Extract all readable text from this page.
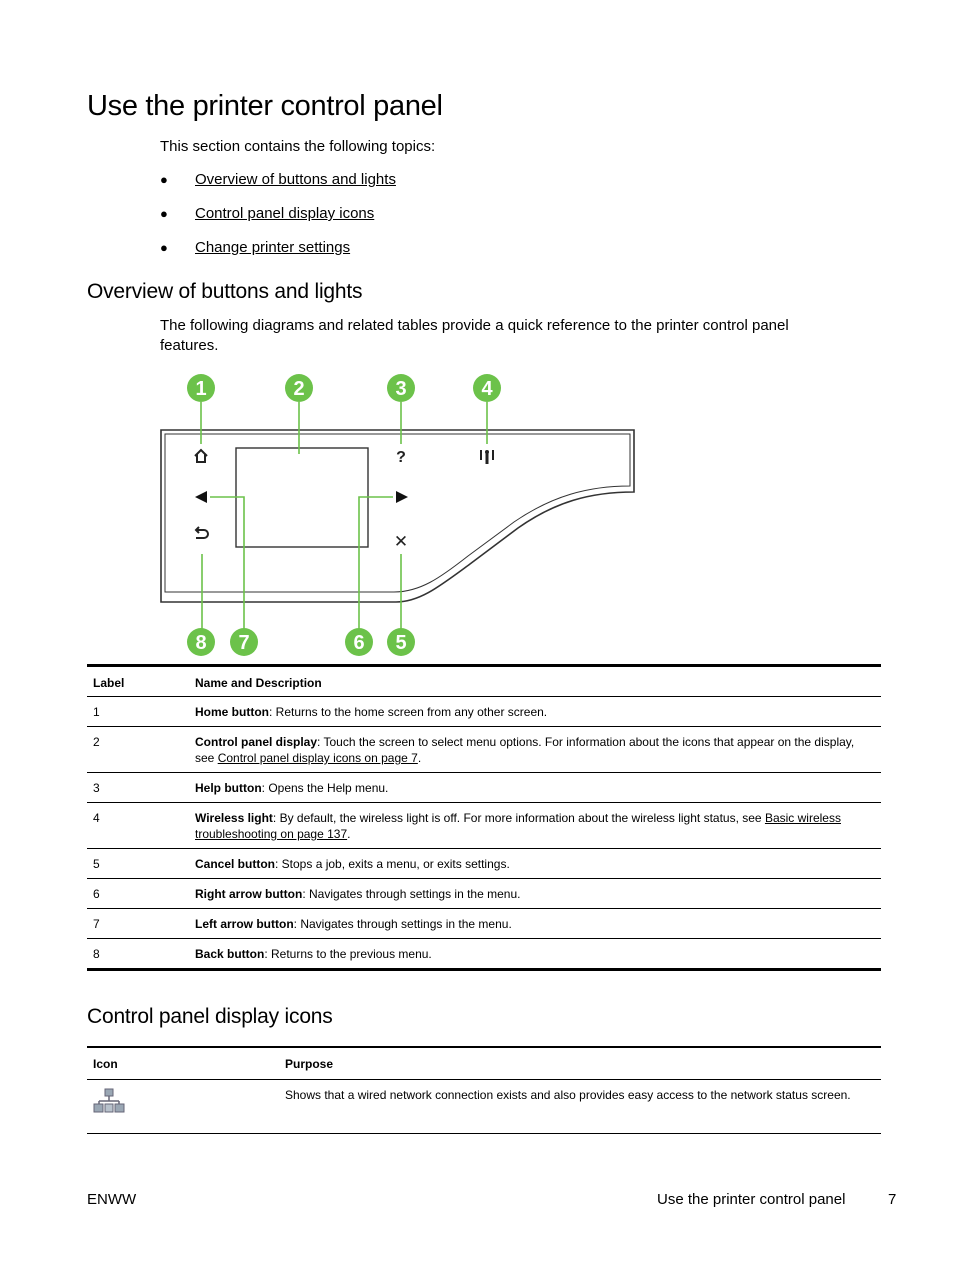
Use the printer control panel

This section contains the following topics:

● Overview of buttons and lights
● Control panel display icons
● Change printer settings
Overview of buttons and lights

The following diagrams and related tables provide a quick reference to the printer control panel features.

?
✕
1	2	3	4
8 7	6 5
Label	Name and Description
1	Home button: Returns to the home screen from any other screen.
2	Control panel display: Touch the screen to select menu options. For information about the icons that appear on the display, see Control panel display icons on page 7.
3	Help button: Opens the Help menu.
4	Wireless light: By default, the wireless light is off. For more information about the wireless light status, see Basic wireless troubleshooting on page 137.
5	Cancel button: Stops a job, exits a menu, or exits settings.
6	Right arrow button: Navigates through settings in the menu.
7	Left arrow button: Navigates through settings in the menu.
8	Back button: Returns to the previous menu.
Control panel display icons
Icon	Purpose
	Shows that a wired network connection exists and also provides easy access to the network status screen.
ENWW	Use the printer control panel	7
